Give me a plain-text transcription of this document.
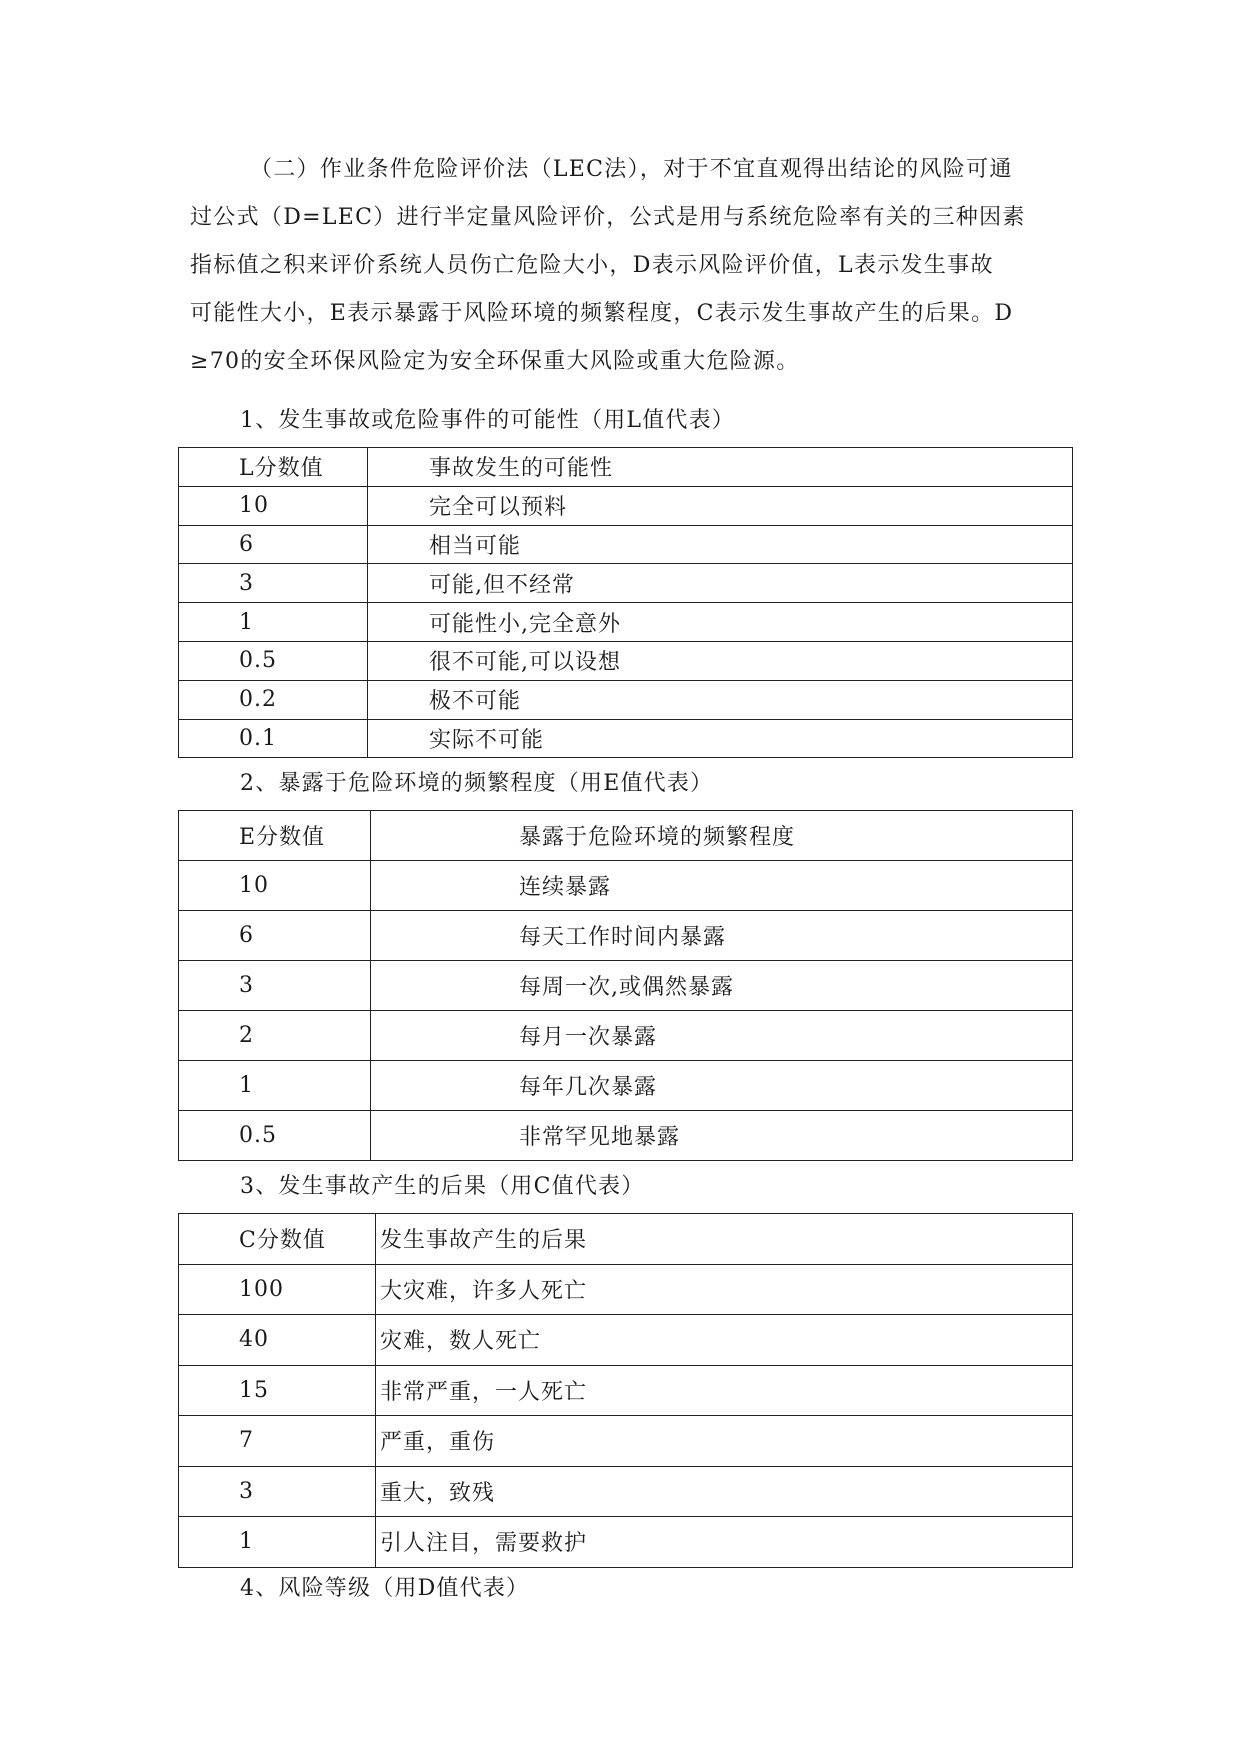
（二）作业条件危险评价法（LEC法），对于不宜直观得出结论的风险可通

过公式（D=LEC）进行半定量风险评价，公式是用与系统危险率有关的三种因素

指标值之积来评价系统人员伤亡危险大小，D表示风险评价值，L表示发生事故

可能性大小，E表示暴露于风险环境的频繁程度，C表示发生事故产生的后果。D

≥70的安全环保风险定为安全环保重大风险或重大危险源。

1、发生事故或危险事件的可能性（用L值代表）

L分数值	事故发生的可能性
10	完全可以预料
6	相当可能
3	可能,但不经常
1	可能性小,完全意外
0.5	很不可能,可以设想
0.2	极不可能
0.1	实际不可能

2、暴露于危险环境的频繁程度（用E值代表）

E分数值	暴露于危险环境的频繁程度
10	连续暴露
6	每天工作时间内暴露
3	每周一次,或偶然暴露
2	每月一次暴露
1	每年几次暴露
0.5	非常罕见地暴露

3、发生事故产生的后果（用C值代表）

C分数值	发生事故产生的后果
100	大灾难，许多人死亡
40	灾难，数人死亡
15	非常严重，一人死亡
7	严重，重伤
3	重大，致残
1	引人注目，需要救护

4、风险等级（用D值代表）
